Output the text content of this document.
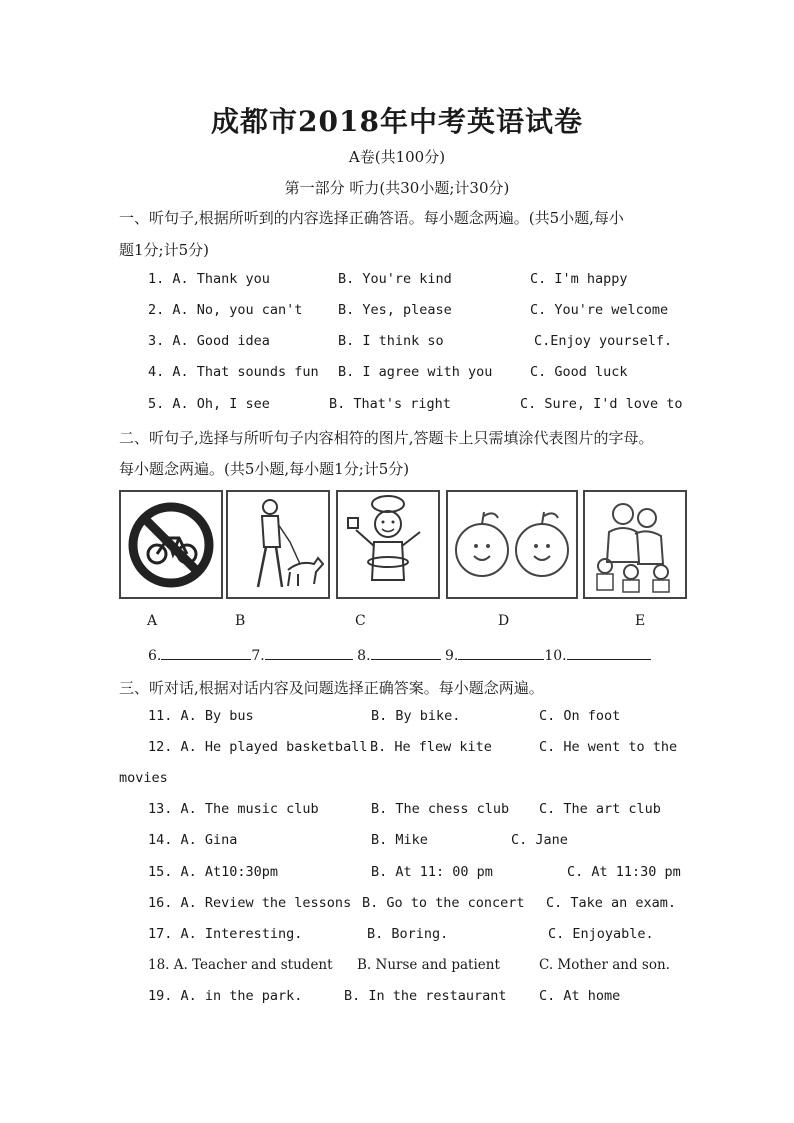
成都市2018年中考英语试卷
A卷(共100分)
第一部分 听力(共30小题;计30分)
一、听句子,根据所听到的内容选择正确答语。每小题念两遍。(共5小题,每小
题1分;计5分)
1. A. Thank you	B. You're kind	C. I'm happy
2. A. No, you can't	B. Yes, please	C. You're welcome
3. A. Good idea	B. I think so	C.Enjoy yourself.
4. A. That sounds fun B. I agree with you	C. Good luck
5. A. Oh, I see	B. That's right	C. Sure, I'd love to
二、听句子,选择与所听句子内容相符的图片,答题卡上只需填涂代表图片的字母。
每小题念两遍。(共5小题,每小题1分;计5分)
A	B	C	D	E
6.	7.	8.	9.	10.
三、听对话,根据对话内容及问题选择正确答案。每小题念两遍。
11. A. By bus	B. By bike.	C. On foot
12. A. He played basketball B. He flew kite	C. He went to the
movies
13. A. The music club	B. The chess club C. The art club
14. A. Gina	B. Mike	C. Jane
15. A. At10:30pm	B. At 11: 00 pm	C. At 11:30 pm
16. A. Review the lessons B. Go to the concert C. Take an exam.
17. A. Interesting.	B. Boring.	C. Enjoyable.
18. A. Teacher and student B. Nurse and patient	C. Mother and son.
19. A. in the park.	B. In the restaurant C. At home
